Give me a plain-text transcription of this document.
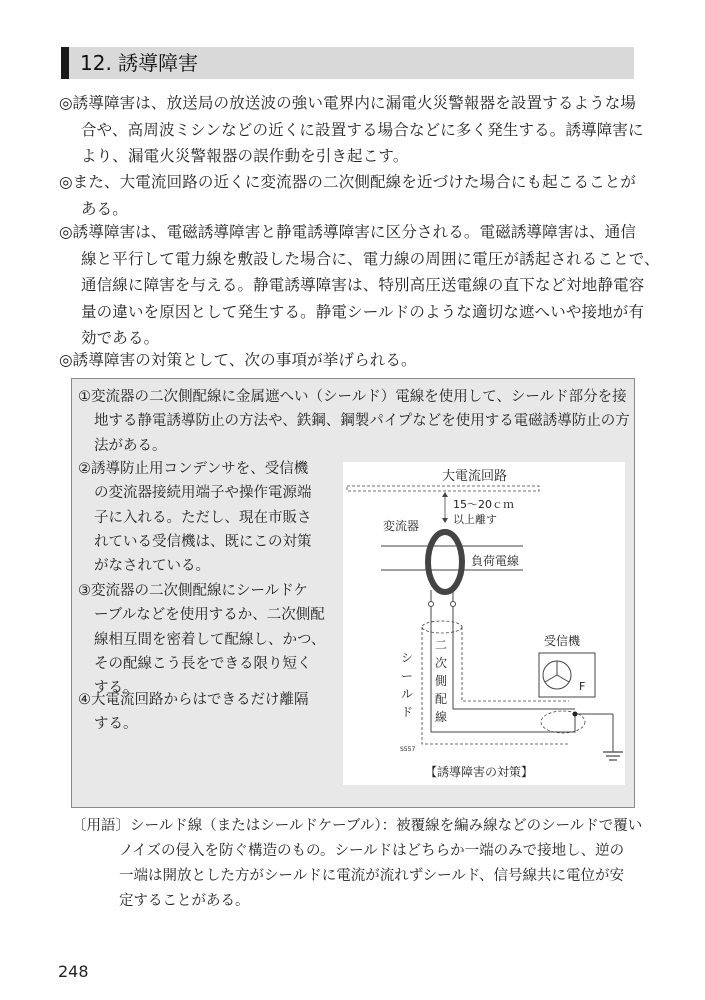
12. 誘導障害
◎誘導障害は、放送局の放送波の強い電界内に漏電火災警報器を設置するような場
合や、高周波ミシンなどの近くに設置する場合などに多く発生する。誘導障害に
より、漏電火災警報器の誤作動を引き起こす。
◎また、大電流回路の近くに変流器の二次側配線を近づけた場合にも起こることが
ある。
◎誘導障害は、電磁誘導障害と静電誘導障害に区分される。電磁誘導障害は、通信
線と平行して電力線を敷設した場合に、電力線の周囲に電圧が誘起されることで、
通信線に障害を与える。静電誘導障害は、特別高圧送電線の直下など対地静電容
量の違いを原因として発生する。静電シールドのような適切な遮へいや接地が有
効である。
◎誘導障害の対策として、次の事項が挙げられる。
①変流器の二次側配線に金属遮へい（シールド）電線を使用して、シールド部分を接
地する静電誘導防止の方法や、鉄鋼、鋼製パイプなどを使用する電磁誘導防止の方
法がある。
②誘導防止用コンデンサを、受信機
の変流器接続用端子や操作電源端
子に入れる。ただし、現在市販さ
れている受信機は、既にこの対策
がなされている。
③変流器の二次側配線にシールドケ
ーブルなどを使用するか、二次側配
線相互間を密着して配線し、かつ、
その配線こう長をできる限り短く
する。
④大電流回路からはできるだけ離隔
する。
大電流回路
15～20ｃｍ
以上離す
変流器
負荷電線
二次側配線
シールド
受信機
F
S557
【誘導障害の対策】
〔用語〕シールド線（またはシールドケーブル）：被覆線を編み線などのシールドで覆い
ノイズの侵入を防ぐ構造のもの。シールドはどちらか一端のみで接地し、逆の
一端は開放とした方がシールドに電流が流れずシールド、信号線共に電位が安
定することがある。
248
